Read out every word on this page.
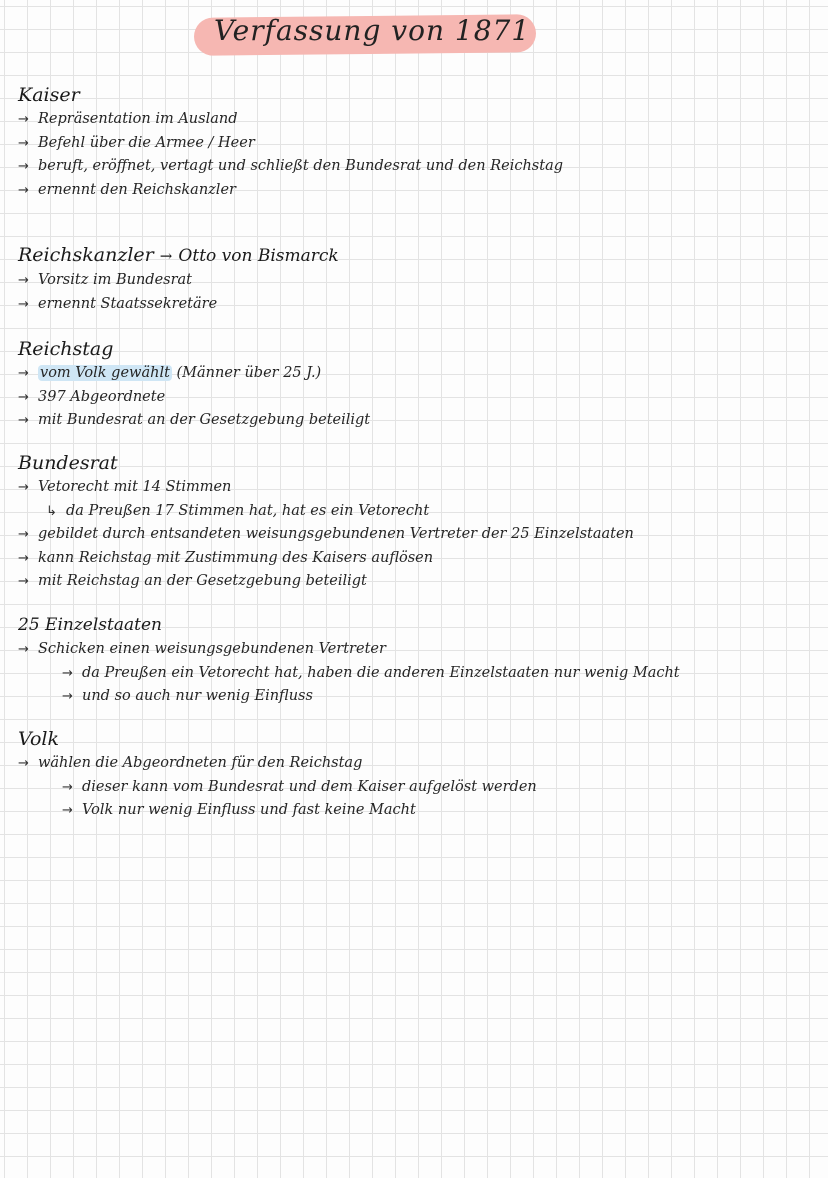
Verfassung von 1871
Kaiser
→ Repräsentation im Ausland
→ Befehl über die Armee / Heer
→ beruft, eröffnet, vertagt und schließt den Bundesrat und den Reichstag
→ ernennt den Reichskanzler
Reichskanzler → Otto von Bismarck
→ Vorsitz im Bundesrat
→ ernennt Staatssekretäre
Reichstag
→ vom Volk gewählt (Männer über 25 J.)
→ 397 Abgeordnete
→ mit Bundesrat an der Gesetzgebung beteiligt
Bundesrat
→ Vetorecht mit 14 Stimmen
↳ da Preußen 17 Stimmen hat, hat es ein Vetorecht
→ gebildet durch entsandeten weisungsgebundenen Vertreter der 25 Einzelstaaten
→ kann Reichstag mit Zustimmung des Kaisers auflösen
→ mit Reichstag an der Gesetzgebung beteiligt
25 Einzelstaaten
→ Schicken einen weisungsgebundenen Vertreter
→ da Preußen ein Vetorecht hat, haben die anderen Einzelstaaten nur wenig Macht
→ und so auch nur wenig Einfluss
Volk
→ wählen die Abgeordneten für den Reichstag
→ dieser kann vom Bundesrat und dem Kaiser aufgelöst werden
→ Volk nur wenig Einfluss und fast keine Macht
